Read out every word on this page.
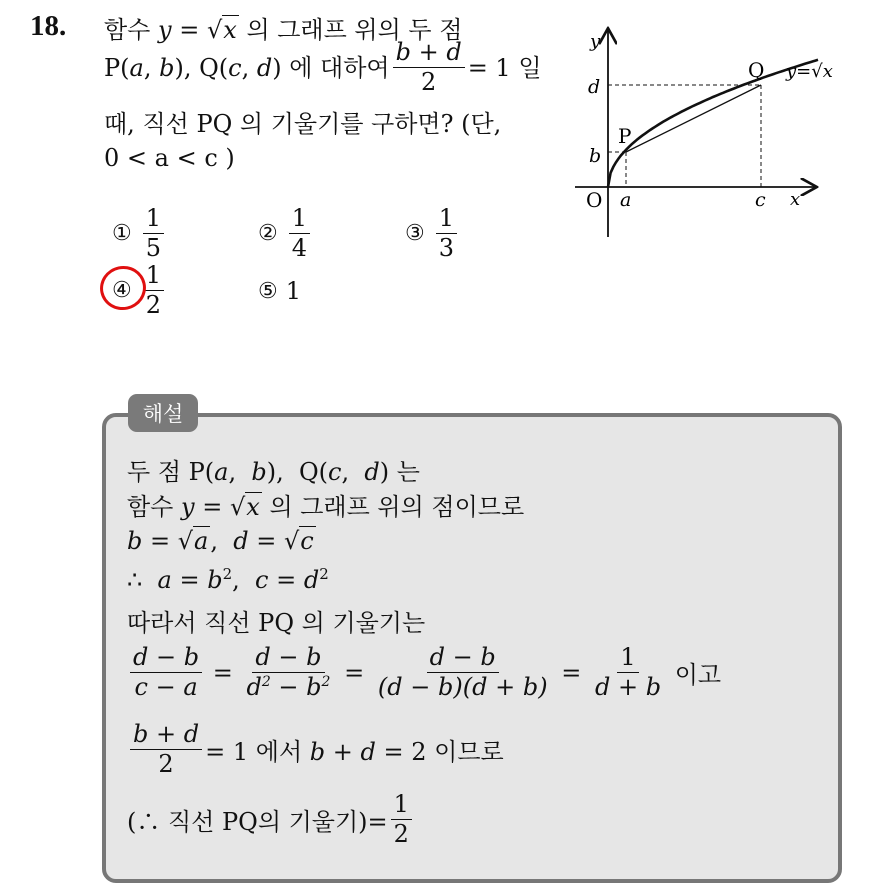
18. 함수 y = √x 의 그래프 위의 두 점
P( a , b ), Q( c , d ) 에 대하여 $\frac{b + d}{2} = 1$ 일
때, 직선 PQ 의 기울기를 구하면? (단,
0 < a < c )
y
x
O
P
Q
a	c
b
d
y=√x
① $\frac{1}{5}$	② $\frac{1}{4}$	③ $\frac{1}{3}$
④ $\frac{1}{2}$	⑤ 1
해설
두 점 P(a,  b),  Q(c,  d) 는
함수 y = √x 의 그래프 위의 점이므로
b = √a,  d = √c
∴  $a = b^2$,  $c = d^2$
따라서 직선 PQ 의 기울기는
$\frac{d - b}{c - a} = \frac{d - b}{d^2 - b^2} = \frac{d - b}{(d - b)(d + b)} = \frac{1}{d + b}$
이고
$\frac{b + d}{2} = 1$ 에서 b + d = 2 이므로
(∴ 직선 PQ의 기울기)= $\frac{1}{2}$
